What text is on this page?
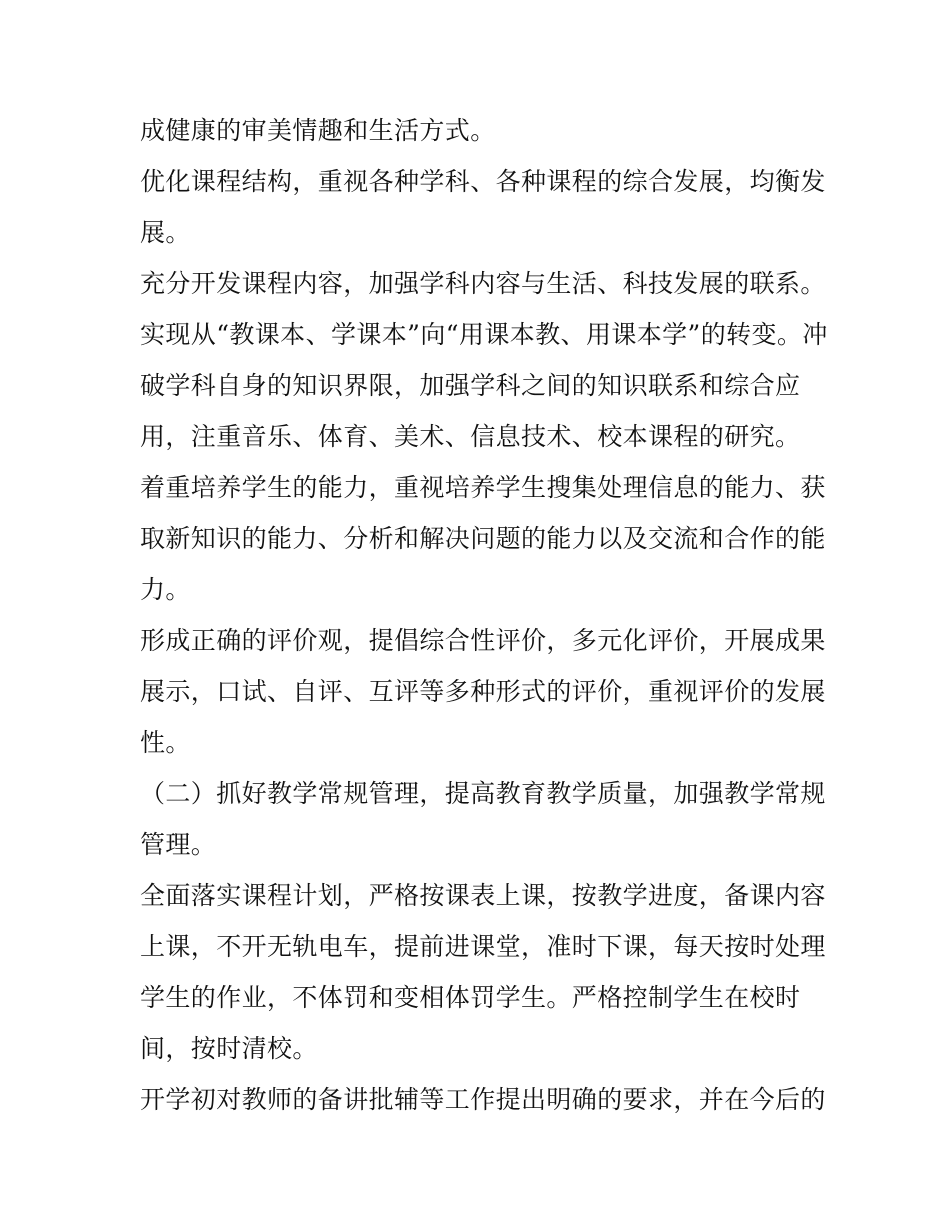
成健康的审美情趣和生活方式。
优化课程结构，重视各种学科、各种课程的综合发展，均衡发
展。
充分开发课程内容，加强学科内容与生活、科技发展的联系。
实现从“教课本、学课本”向“用课本教、用课本学”的转变。冲
破学科自身的知识界限，加强学科之间的知识联系和综合应
用，注重音乐、体育、美术、信息技术、校本课程的研究。
着重培养学生的能力，重视培养学生搜集处理信息的能力、获
取新知识的能力、分析和解决问题的能力以及交流和合作的能
力。
形成正确的评价观，提倡综合性评价，多元化评价，开展成果
展示，口试、自评、互评等多种形式的评价，重视评价的发展
性。
（二）抓好教学常规管理，提高教育教学质量，加强教学常规
管理。
全面落实课程计划，严格按课表上课，按教学进度，备课内容
上课，不开无轨电车，提前进课堂，准时下课，每天按时处理
学生的作业，不体罚和变相体罚学生。严格控制学生在校时
间，按时清校。
开学初对教师的备讲批辅等工作提出明确的要求，并在今后的
